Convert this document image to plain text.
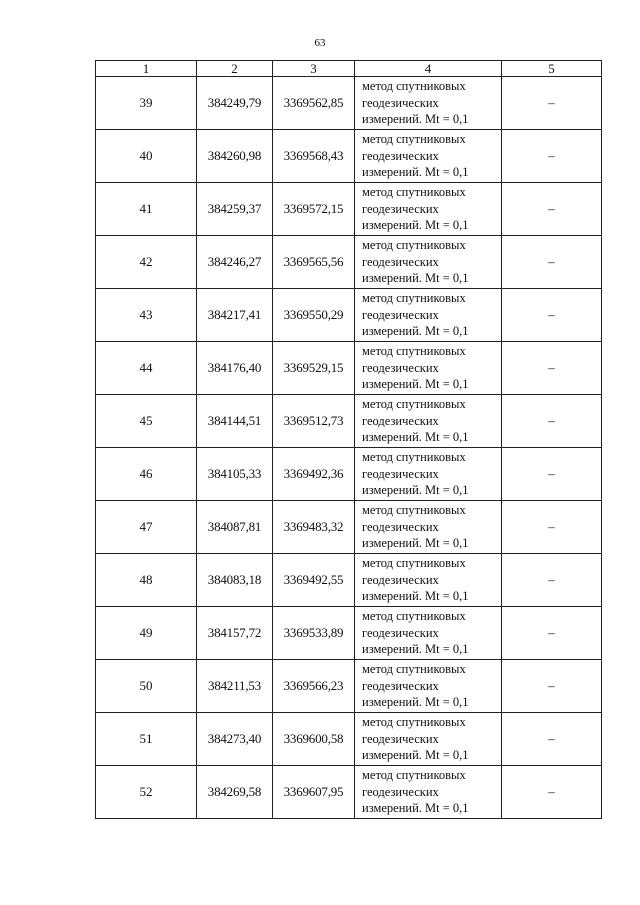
63
1	2	3	4	5
39	384249,79	3369562,85	метод спутниковых
геодезических
измерений. Mt = 0,1	–
40	384260,98	3369568,43	метод спутниковых
геодезических
измерений. Mt = 0,1	–
41	384259,37	3369572,15	метод спутниковых
геодезических
измерений. Mt = 0,1	–
42	384246,27	3369565,56	метод спутниковых
геодезических
измерений. Mt = 0,1	–
43	384217,41	3369550,29	метод спутниковых
геодезических
измерений. Mt = 0,1	–
44	384176,40	3369529,15	метод спутниковых
геодезических
измерений. Mt = 0,1	–
45	384144,51	3369512,73	метод спутниковых
геодезических
измерений. Mt = 0,1	–
46	384105,33	3369492,36	метод спутниковых
геодезических
измерений. Mt = 0,1	–
47	384087,81	3369483,32	метод спутниковых
геодезических
измерений. Mt = 0,1	–
48	384083,18	3369492,55	метод спутниковых
геодезических
измерений. Mt = 0,1	–
49	384157,72	3369533,89	метод спутниковых
геодезических
измерений. Mt = 0,1	–
50	384211,53	3369566,23	метод спутниковых
геодезических
измерений. Mt = 0,1	–
51	384273,40	3369600,58	метод спутниковых
геодезических
измерений. Mt = 0,1	–
52	384269,58	3369607,95	метод спутниковых
геодезических
измерений. Mt = 0,1	–
